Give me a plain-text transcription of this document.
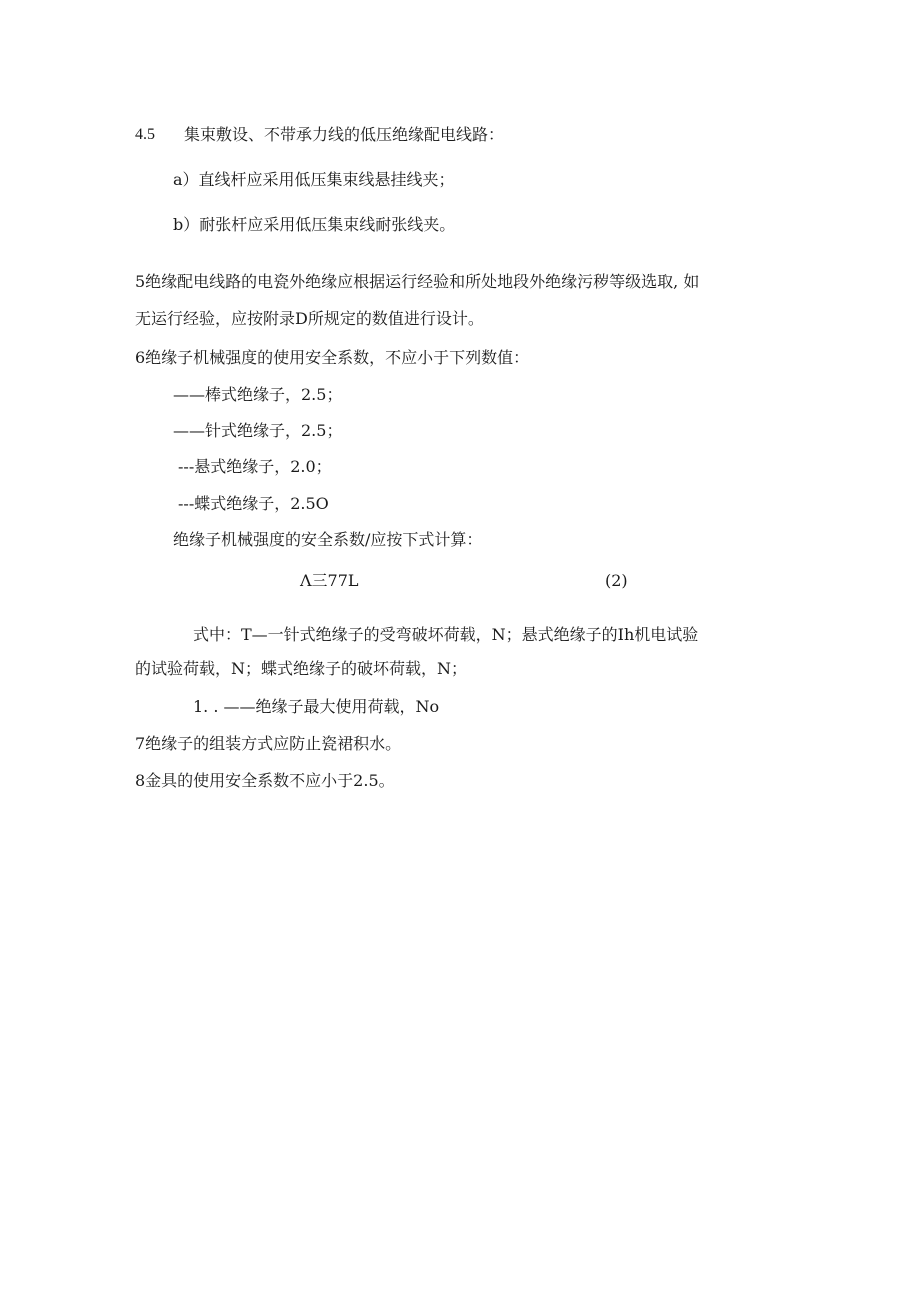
4.5 集束敷设、不带承力线的低压绝缘配电线路：
a）直线杆应采用低压集束线悬挂线夹；
b）耐张杆应采用低压集束线耐张线夹。
5绝缘配电线路的电瓷外绝缘应根据运行经验和所处地段外绝缘污秽等级选取, 如
无运行经验，应按附录D所规定的数值进行设计。
6绝缘子机械强度的使用安全系数，不应小于下列数值：
——棒式绝缘子，2.5；
——针式绝缘子，2.5；
---悬式绝缘子，2.0；
---蝶式绝缘子，2.5O
绝缘子机械强度的安全系数/应按下式计算：
Λ三77L	(2)
式中：T—一针式绝缘子的受弯破坏荷载，N；悬式绝缘子的Ih机电试验
的试验荷载，N；蝶式绝缘子的破坏荷载，N；
1. . ——绝缘子最大使用荷载，No
7绝缘子的组装方式应防止瓷裙积水。
8金具的使用安全系数不应小于2.5。
